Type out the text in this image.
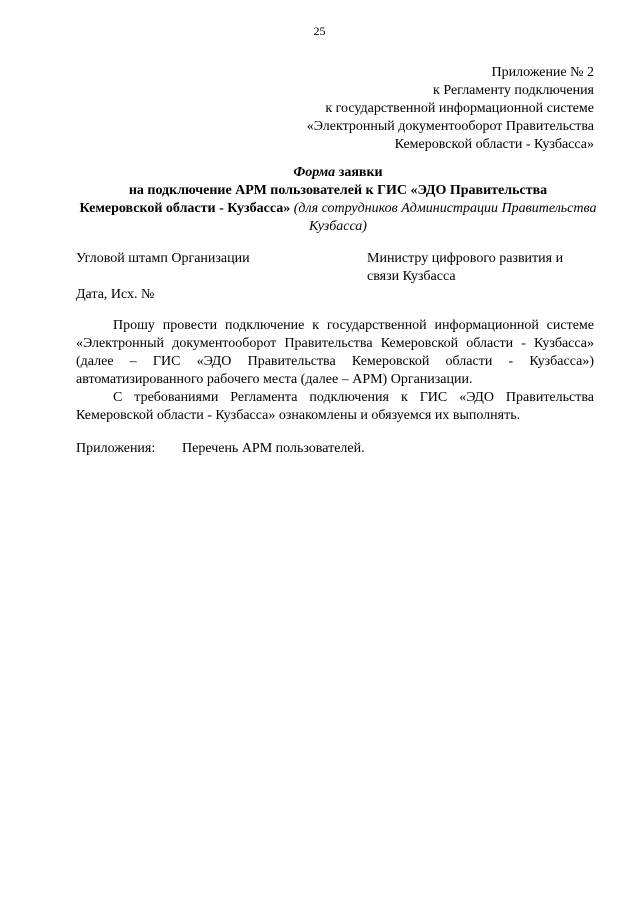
25
Приложение № 2
к Регламенту подключения
к государственной информационной системе
«Электронный документооборот Правительства
Кемеровской области - Кузбасса»
Форма заявки
на подключение АРМ пользователей к ГИС «ЭДО Правительства
Кемеровской области - Кузбасса» (для сотрудников Администрации Правительства Кузбасса)
Угловой штамп Организации	Министру цифрового развития и связи Кузбасса
Дата, Исх. №

Прошу провести подключение к государственной информационной системе «Электронный документооборот Правительства Кемеровской области - Кузбасса» (далее – ГИС «ЭДО Правительства Кемеровской области - Кузбасса») автоматизированного рабочего места (далее – АРМ) Организации.

С требованиями Регламента подключения к ГИС «ЭДО Правительства Кемеровской области - Кузбасса» ознакомлены и обязуемся их выполнять.

Приложения: Перечень АРМ пользователей.
